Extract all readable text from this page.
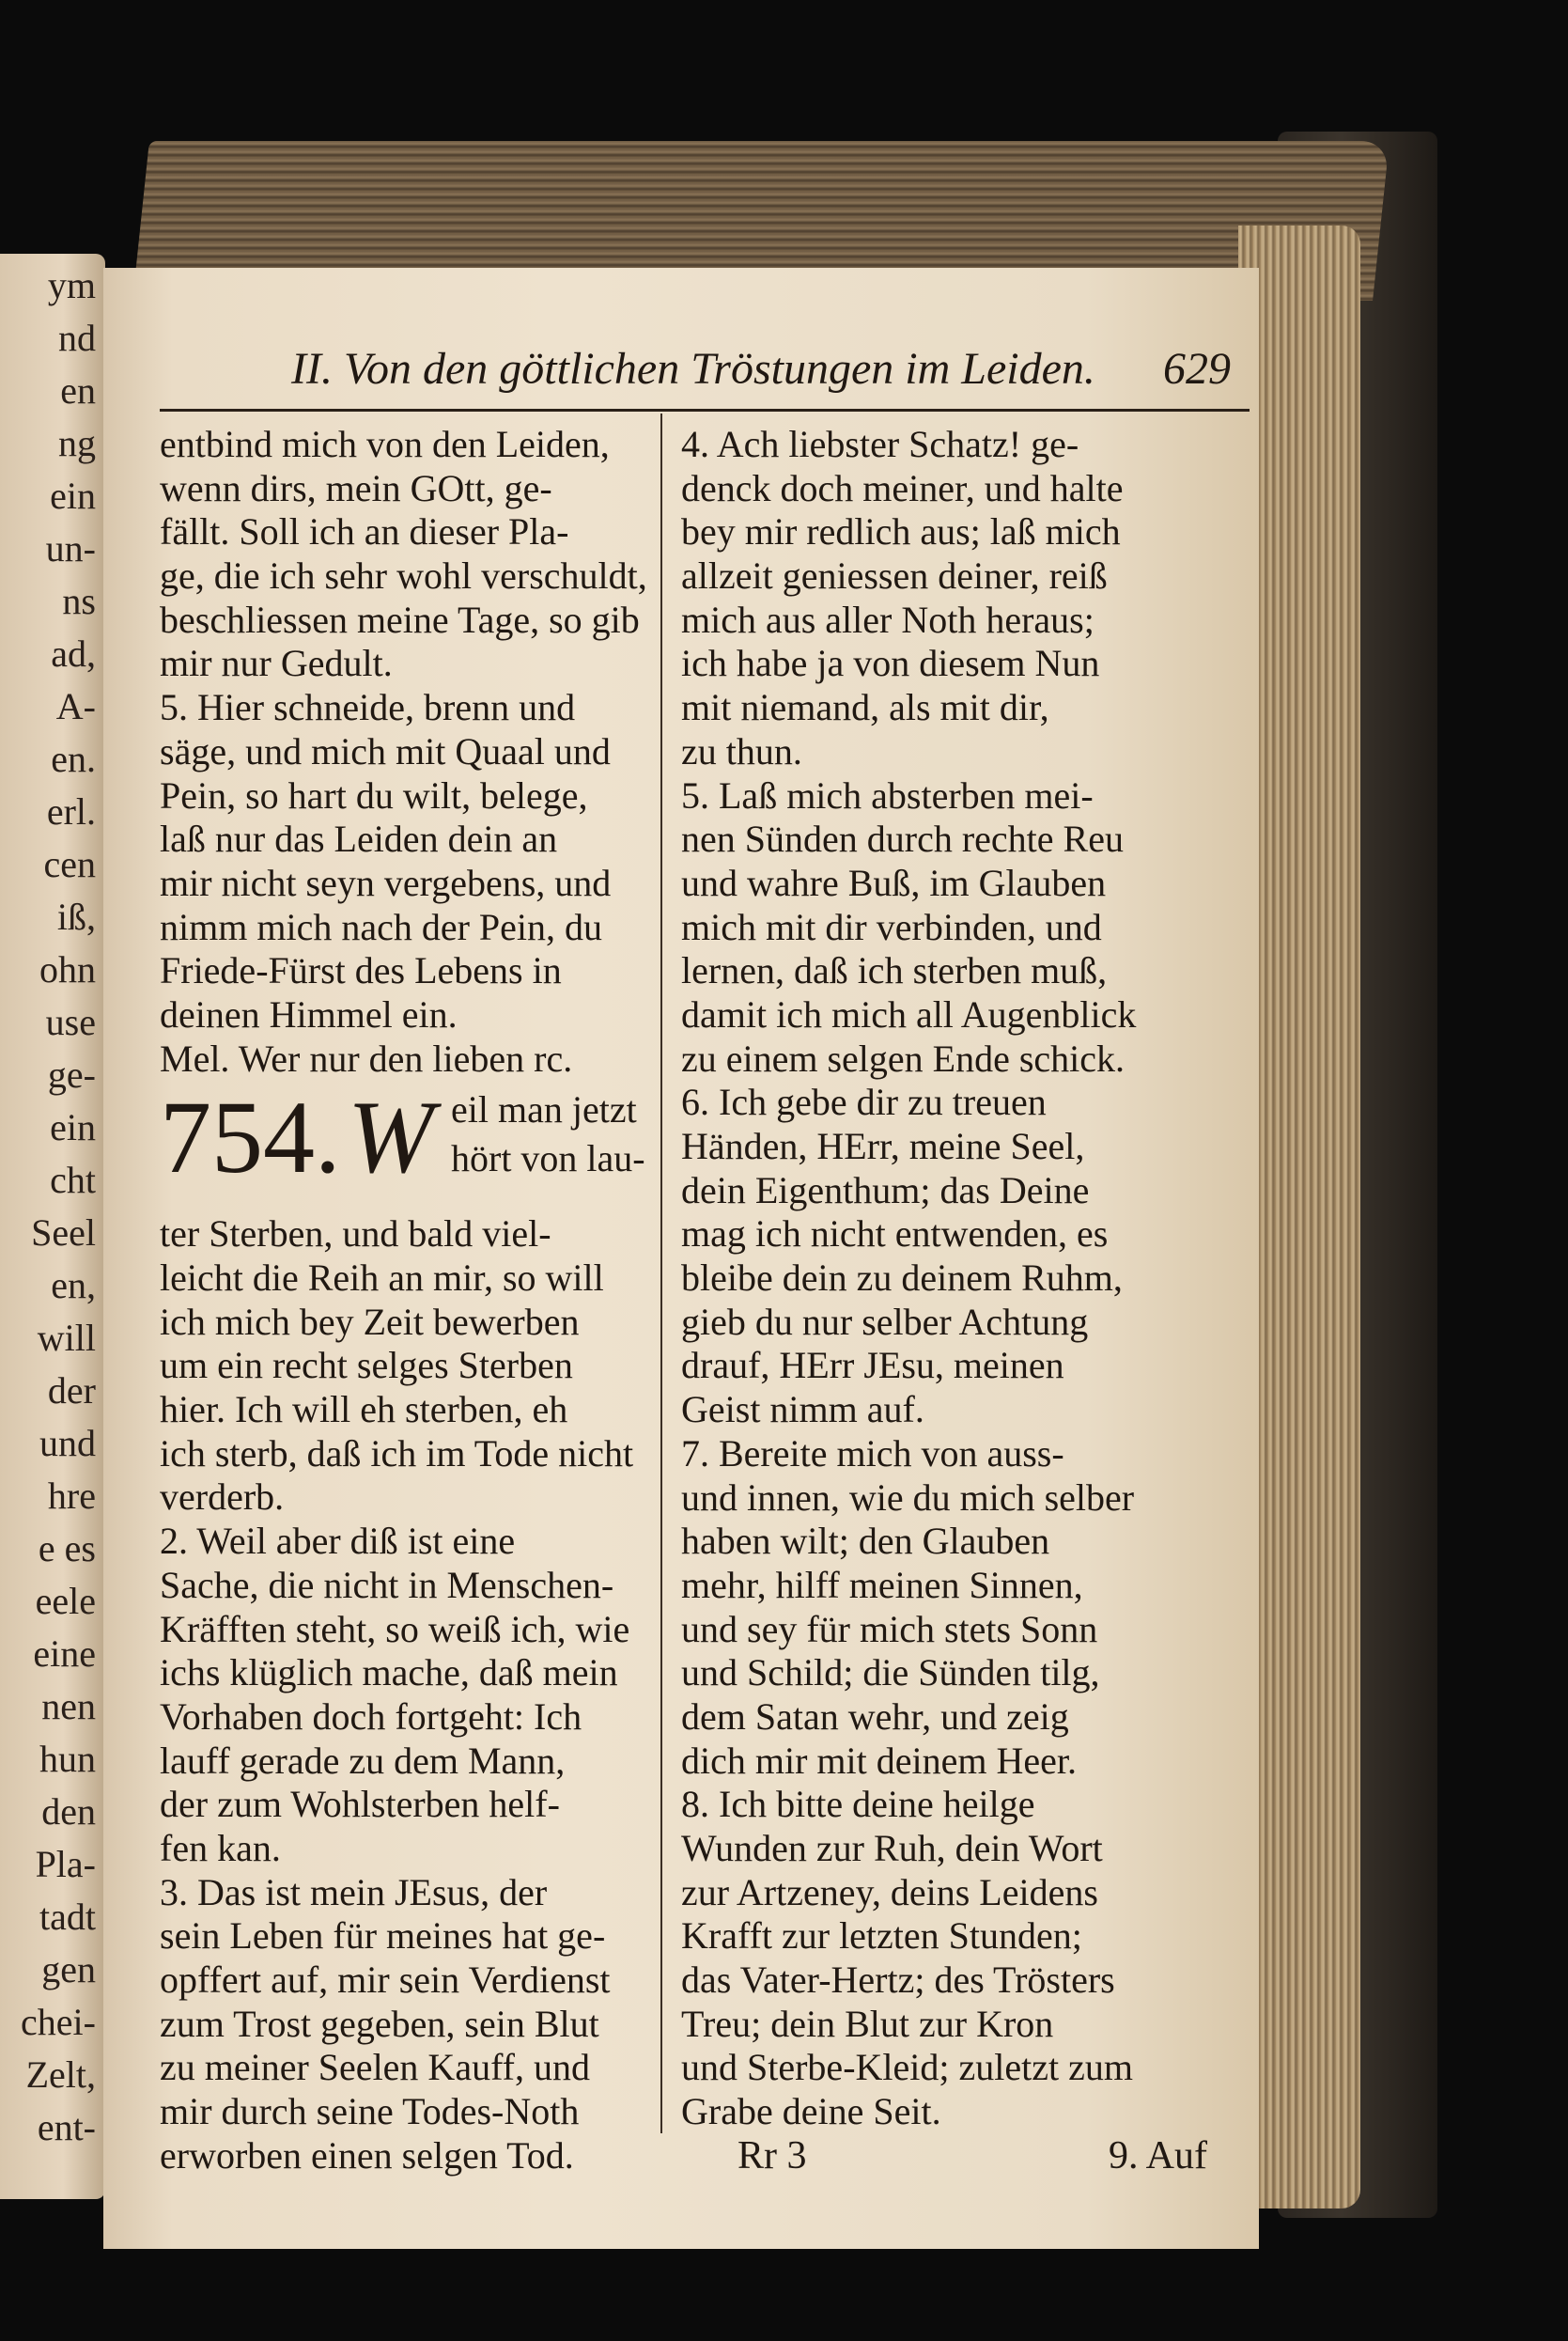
ym
nd
en
ng
ein
un-
ns
ad,
A-
en.
erl.
cen
iß,
ohn
use
ge-
ein
cht
Seel
en,
will
der
und
hre
e es
eele
eine
nen
hun
den
Pla-
tadt
gen
chei-
Zelt,
ent-
II. Von den göttlichen Tröstungen im Leiden. 629
entbind mich von den Leiden,
wenn dirs, mein GOtt, ge-
fällt. Soll ich an dieser Pla-
ge, die ich sehr wohl verschuldt,
beschliessen meine Tage, so gib
mir nur Gedult.
5. Hier schneide, brenn und
säge, und mich mit Quaal und
Pein, so hart du wilt, belege,
laß nur das Leiden dein an
mir nicht seyn vergebens, und
nimm mich nach der Pein, du
Friede-Fürst des Lebens in
deinen Himmel ein.
Mel. Wer nur den lieben rc.
754. W eil man jetzt
hört von lau-
ter Sterben, und bald viel-
leicht die Reih an mir, so will
ich mich bey Zeit bewerben
um ein recht selges Sterben
hier. Ich will eh sterben, eh
ich sterb, daß ich im Tode nicht
verderb.
2. Weil aber diß ist eine
Sache, die nicht in Menschen-
Kräfften steht, so weiß ich, wie
ichs klüglich mache, daß mein
Vorhaben doch fortgeht: Ich
lauff gerade zu dem Mann,
der zum Wohlsterben helf-
fen kan.
3. Das ist mein JEsus, der
sein Leben für meines hat ge-
opffert auf, mir sein Verdienst
zum Trost gegeben, sein Blut
zu meiner Seelen Kauff, und
mir durch seine Todes-Noth
erworben einen selgen Tod.
4. Ach liebster Schatz! ge-
denck doch meiner, und halte
bey mir redlich aus; laß mich
allzeit geniessen deiner, reiß
mich aus aller Noth heraus;
ich habe ja von diesem Nun
mit niemand, als mit dir,
zu thun.
5. Laß mich absterben mei-
nen Sünden durch rechte Reu
und wahre Buß, im Glauben
mich mit dir verbinden, und
lernen, daß ich sterben muß,
damit ich mich all Augenblick
zu einem selgen Ende schick.
6. Ich gebe dir zu treuen
Händen, HErr, meine Seel,
dein Eigenthum; das Deine
mag ich nicht entwenden, es
bleibe dein zu deinem Ruhm,
gieb du nur selber Achtung
drauf, HErr JEsu, meinen
Geist nimm auf.
7. Bereite mich von auss-
und innen, wie du mich selber
haben wilt; den Glauben
mehr, hilff meinen Sinnen,
und sey für mich stets Sonn
und Schild; die Sünden tilg,
dem Satan wehr, und zeig
dich mir mit deinem Heer.
8. Ich bitte deine heilge
Wunden zur Ruh, dein Wort
zur Artzeney, deins Leidens
Krafft zur letzten Stunden;
das Vater-Hertz; des Trösters
Treu; dein Blut zur Kron
und Sterbe-Kleid; zuletzt zum
Grabe deine Seit.
Rr 3	9. Auf
